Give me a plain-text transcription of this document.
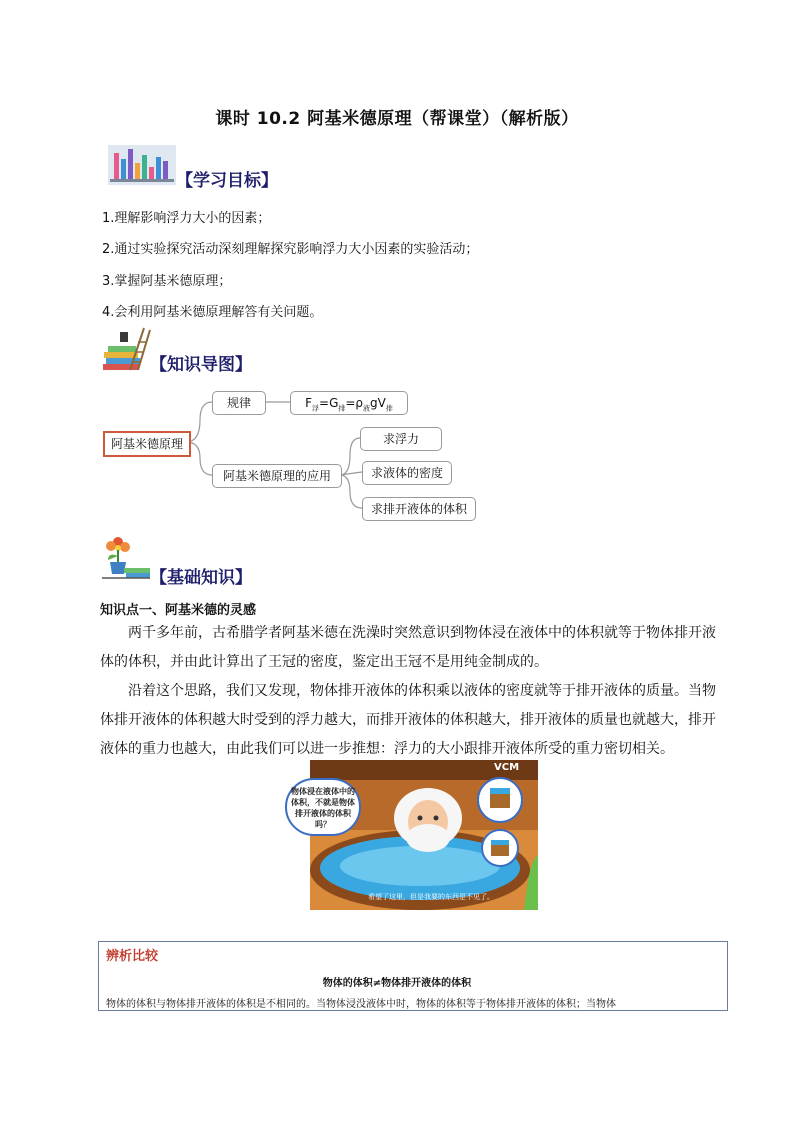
课时 10.2 阿基米德原理（帮课堂）（解析版）
【学习目标】
1.理解影响浮力大小的因素；
2.通过实验探究活动深刻理解探究影响浮力大小因素的实验活动；
3.掌握阿基米德原理；
4.会利用阿基米德原理解答有关问题。
【知识导图】
阿基米德原理
规律	$F_浮=G_排=\rho_液gV_排$
阿基米德原理的应用
求浮力
求液体的密度
求排开液体的体积
【基础知识】
知识点一、阿基米德的灵感
两千多年前，古希腊学者阿基米德在洗澡时突然意识到物体浸在液体中的体积就等于物体排开液体的体积，并由此计算出了王冠的密度，鉴定出王冠不是用纯金制成的。
沿着这个思路，我们又发现，物体排开液体的体积乘以液体的密度就等于排开液体的质量。当物体排开液体的体积越大时受到的浮力越大，而排开液体的体积越大，排开液体的质量也就越大，排开液体的重力也越大，由此我们可以进一步推想：浮力的大小跟排开液体所受的重力密切相关。
物体浸在液体中的体积，不就是物体排开液体的体积吗？
VCM
希望了这里，但是我要的东西是不见了。
辨析比较
物体的体积≠物体排开液体的体积
物体的体积与物体排开液体的体积是不相同的。当物体浸没液体中时，物体的体积等于物体排开液体的体积；当物体
